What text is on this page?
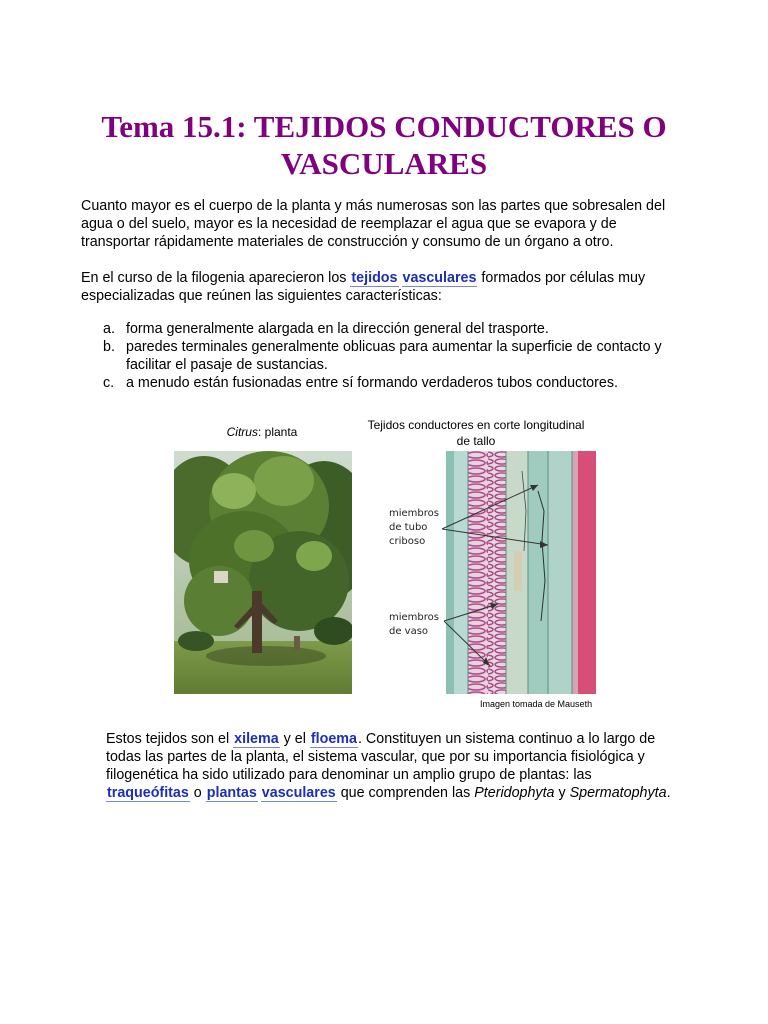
Tema 15.1: TEJIDOS CONDUCTORES O
VASCULARES

Cuanto mayor es el cuerpo de la planta y más numerosas son las partes que sobresalen del agua o del suelo, mayor es la necesidad de reemplazar el agua que se evapora y de transportar rápidamente materiales de construcción y consumo de un órgano a otro.

En el curso de la filogenia aparecieron los tejidos vasculares formados por células muy especializadas que reúnen las siguientes características:

a. forma generalmente alargada en la dirección general del trasporte.
b. paredes terminales generalmente oblicuas para aumentar la superficie de contacto y facilitar el pasaje de sustancias.
c. a menudo están fusionadas entre sí formando verdaderos tubos conductores.
Citrus: planta	Tejidos conductores en corte longitudinal
de tallo
miembros
de tubo
criboso
miembros
de vaso
Imagen tomada de Mauseth

Estos tejidos son el xilema y el floema. Constituyen un sistema continuo a lo largo de todas las partes de la planta, el sistema vascular, que por su importancia fisiológica y filogenética ha sido utilizado para denominar un amplio grupo de plantas: las traqueófitas o plantas vasculares que comprenden las Pteridophyta y Spermatophyta.
